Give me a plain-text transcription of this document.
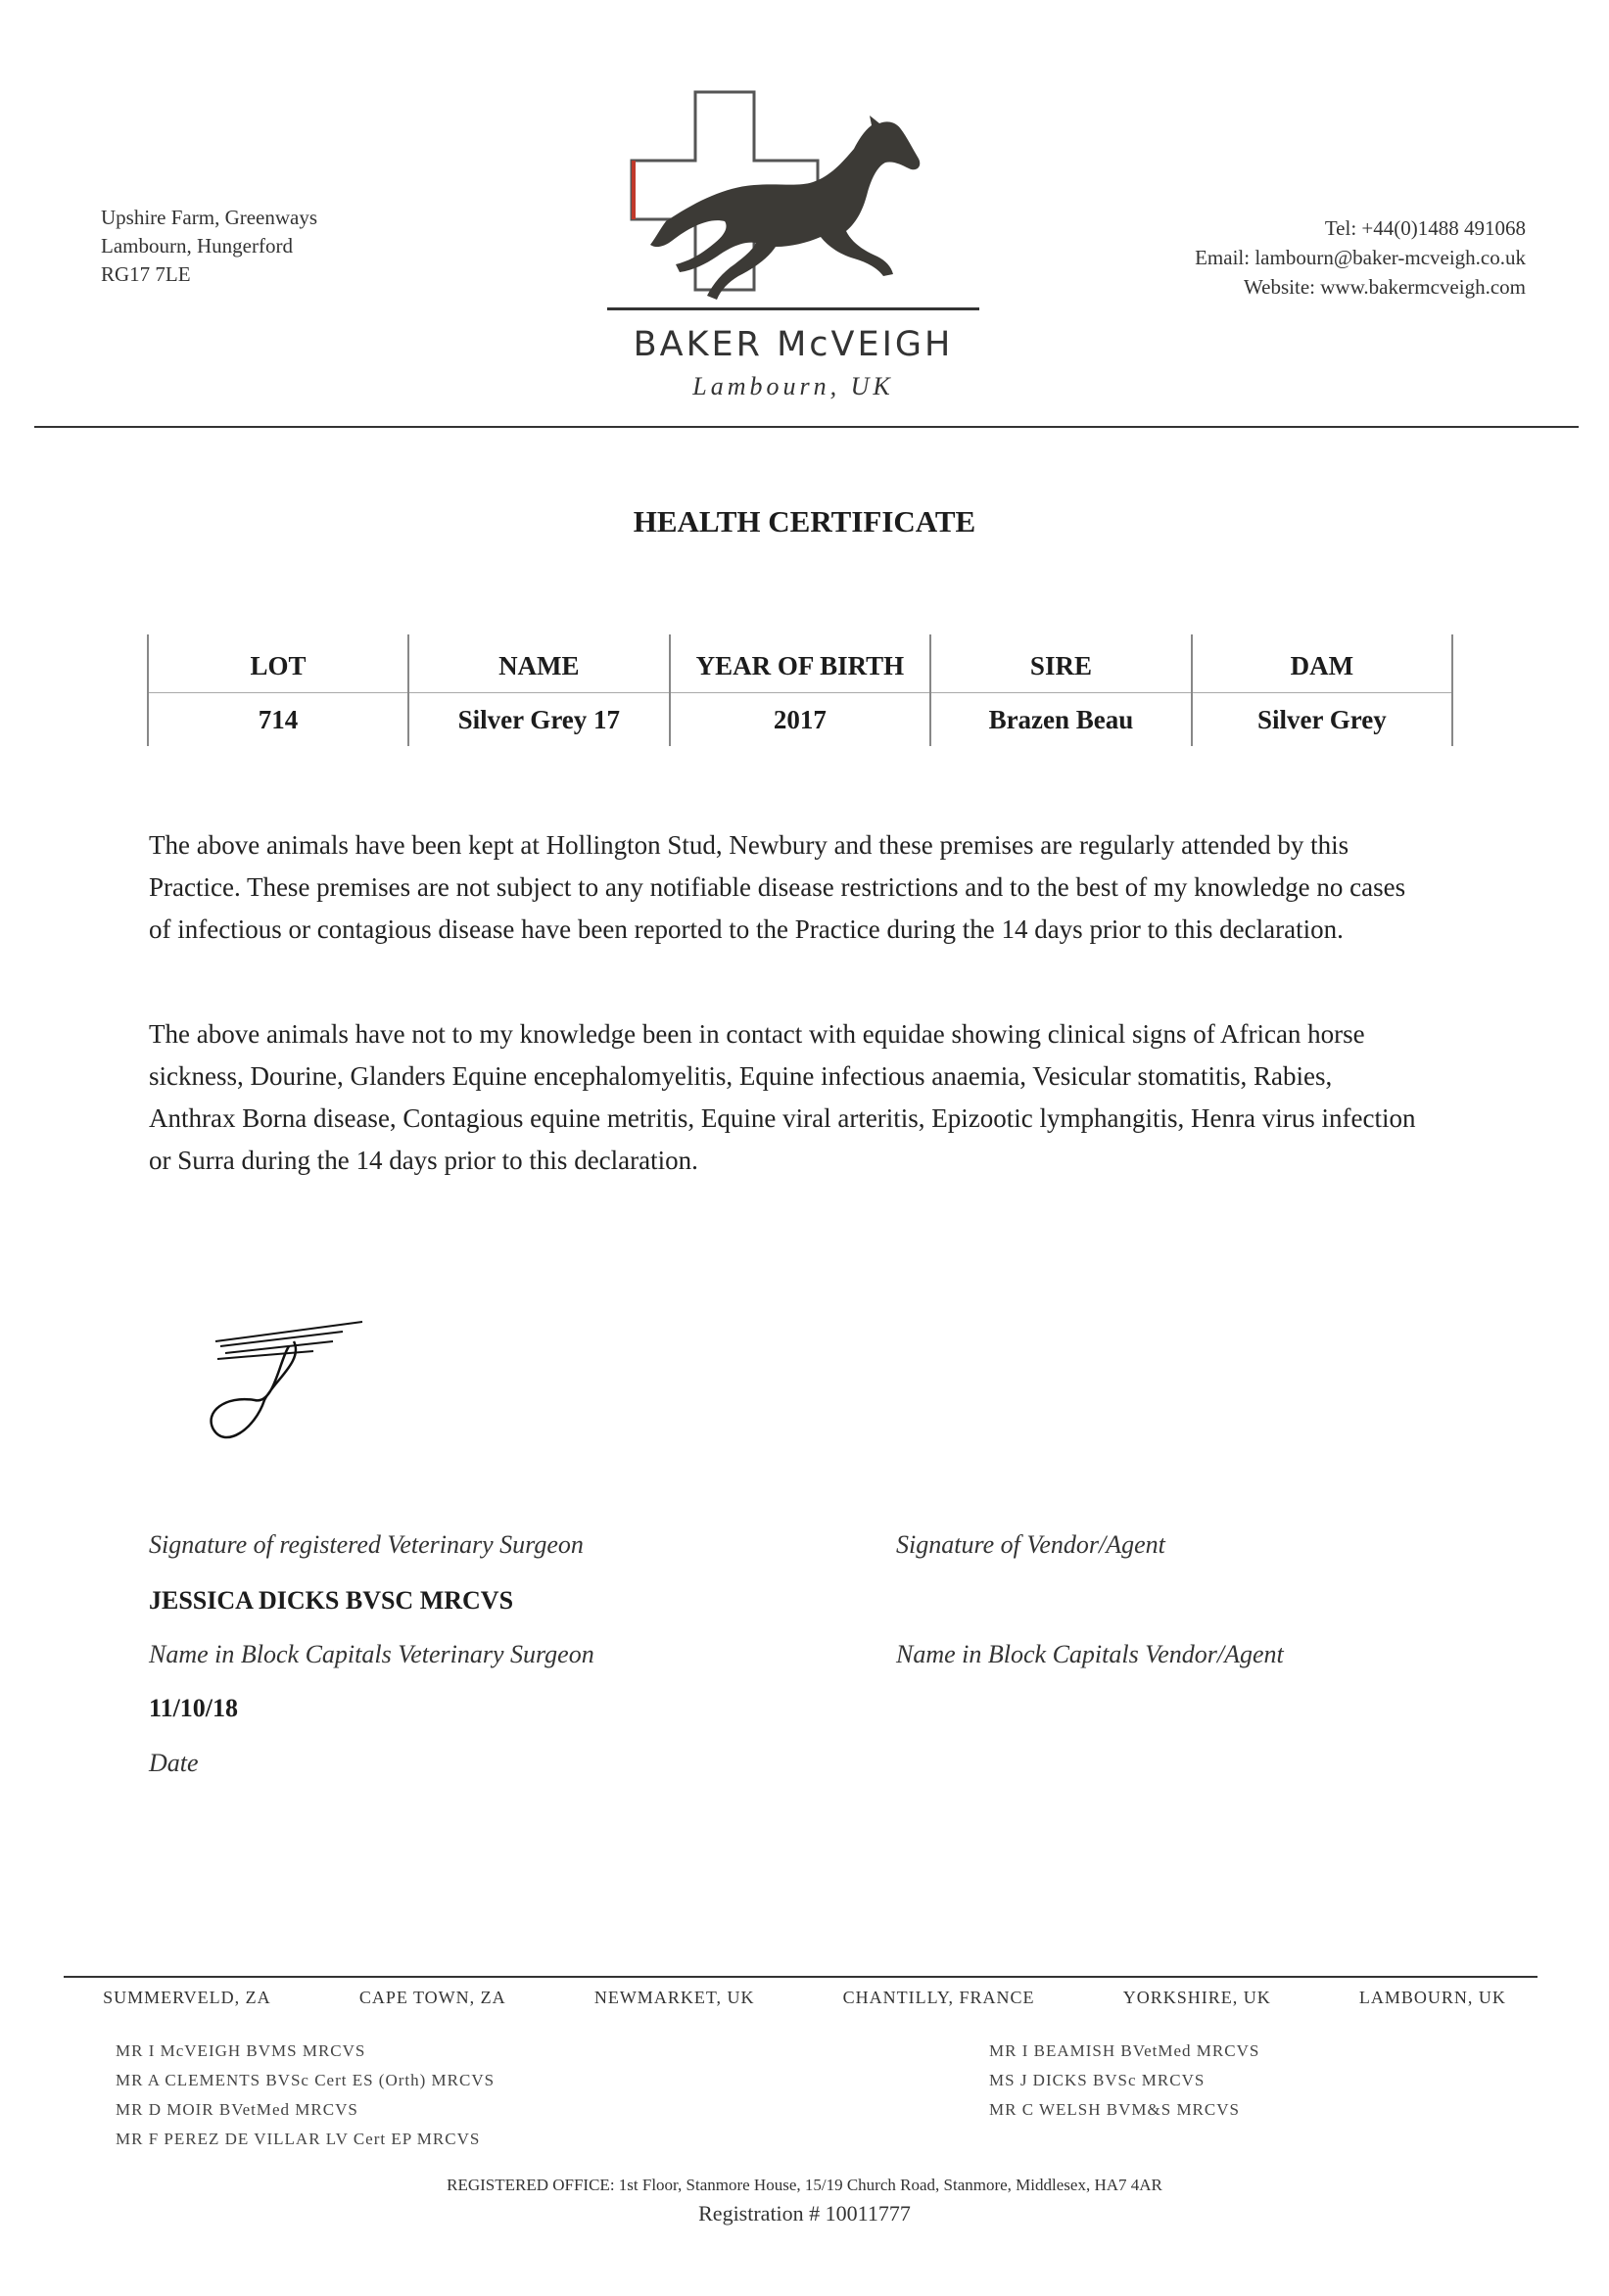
Upshire Farm, Greenways
Lambourn, Hungerford
RG17 7LE
BAKER McVEIGH
Lambourn, UK
Tel: +44(0)1488 491068
Email: lambourn@baker-mcveigh.co.uk
Website: www.bakermcveigh.com
HEALTH CERTIFICATE
LOT	NAME	YEAR OF BIRTH	SIRE	DAM
714	Silver Grey 17	2017	Brazen Beau	Silver Grey
The above animals have been kept at Hollington Stud, Newbury and these premises are regularly attended by this Practice. These premises are not subject to any notifiable disease restrictions and to the best of my knowledge no cases of infectious or contagious disease have been reported to the Practice during the 14 days prior to this declaration.
The above animals have not to my knowledge been in contact with equidae showing clinical signs of African horse sickness, Dourine, Glanders Equine encephalomyelitis, Equine infectious anaemia, Vesicular stomatitis, Rabies, Anthrax Borna disease, Contagious equine metritis, Equine viral arteritis, Epizootic lymphangitis, Henra virus infection or Surra during the 14 days prior to this declaration.
Signature of registered Veterinary Surgeon	Signature of Vendor/Agent
JESSICA DICKS BVSC MRCVS
Name in Block Capitals Veterinary Surgeon	Name in Block Capitals Vendor/Agent
11/10/18
Date
SUMMERVELD, ZA	CAPE TOWN, ZA	NEWMARKET, UK	CHANTILLY, FRANCE	YORKSHIRE, UK	LAMBOURN, UK
MR I McVEIGH BVMS MRCVS
MR A CLEMENTS BVSc Cert ES (Orth) MRCVS
MR D MOIR BVetMed MRCVS
MR F PEREZ DE VILLAR LV Cert EP MRCVS
MR I BEAMISH BVetMed MRCVS
MS J DICKS BVSc MRCVS
MR C WELSH BVM&S MRCVS
REGISTERED OFFICE: 1st Floor, Stanmore House, 15/19 Church Road, Stanmore, Middlesex, HA7 4AR
Registration # 10011777
